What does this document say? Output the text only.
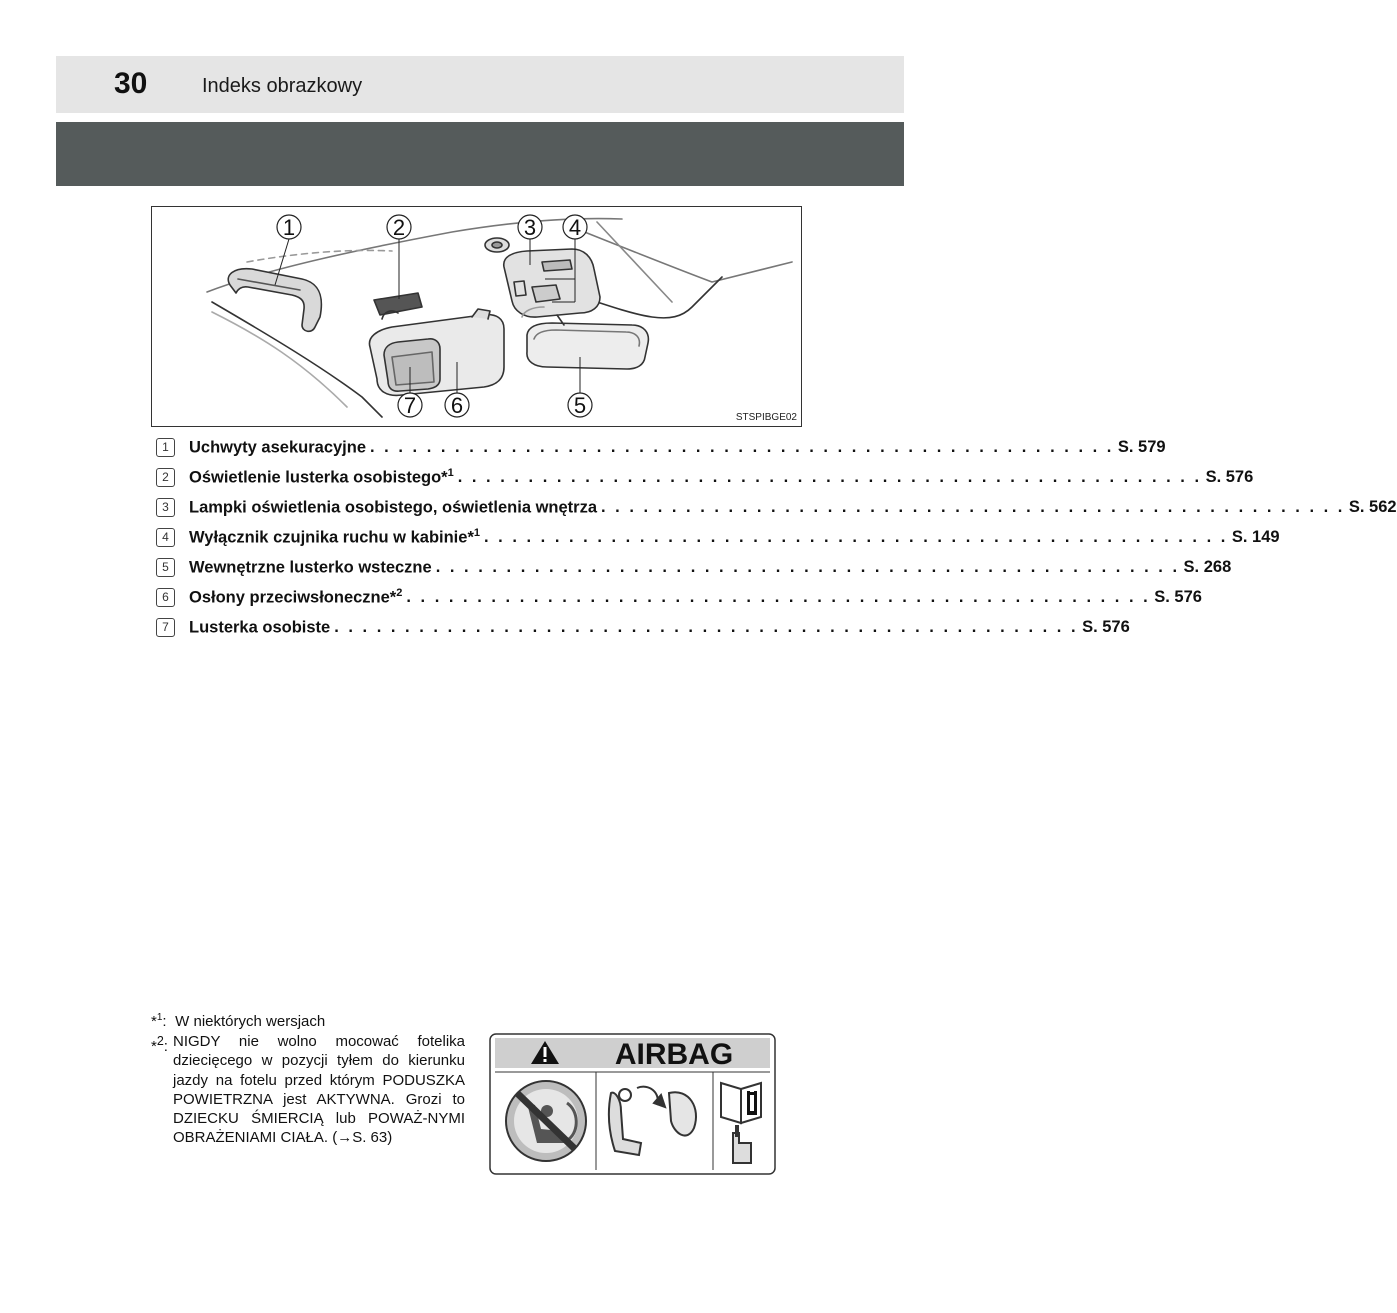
30	Indeks obrazkowy
1	2	3 4
7 6	5	STSPIBGE02
1	Uchwyty asekuracyjne . . . . . . . . . . . . . . . . . . . . . . . . . . . . . . . . . . . . . . . . . . . . . . . . . . . . . S. 579
2	Oświetlenie lusterka osobistego*$^1$ . . . . . . . . . . . . . . . . . . . . . . . . . . . . . . . . . . . . . . . . . . . . . . . . . . . . . S. 576
3	Lampki oświetlenia osobistego, oświetlenia wnętrza . . . . . . . . . . . . . . . . . . . . . . . . . . . . . . . . . . . . . . . . . . . . . . . . . . . . . S. 562
4	Wyłącznik czujnika ruchu w kabinie*$^1$ . . . . . . . . . . . . . . . . . . . . . . . . . . . . . . . . . . . . . . . . . . . . . . . . . . . . . S. 149
5	Wewnętrzne lusterko wsteczne . . . . . . . . . . . . . . . . . . . . . . . . . . . . . . . . . . . . . . . . . . . . . . . . . . . . . S. 268
6	Osłony przeciwsłoneczne*$^2$ . . . . . . . . . . . . . . . . . . . . . . . . . . . . . . . . . . . . . . . . . . . . . . . . . . . . . S. 576
7	Lusterka osobiste . . . . . . . . . . . . . . . . . . . . . . . . . . . . . . . . . . . . . . . . . . . . . . . . . . . . . S. 576
*$^1$: W niektórych wersjach
*$^2$: NIGDY nie wolno mocować fotelika dziecięcego w pozycji tyłem do kierunku jazdy na fotelu przed którym PODUSZKA POWIETRZNA jest AKTYWNA. Grozi to DZIECKU ŚMIERCIĄ lub POWAŻ-NYMI OBRAŻENIAMI CIAŁA. (→S. 63)
AIRBAG
